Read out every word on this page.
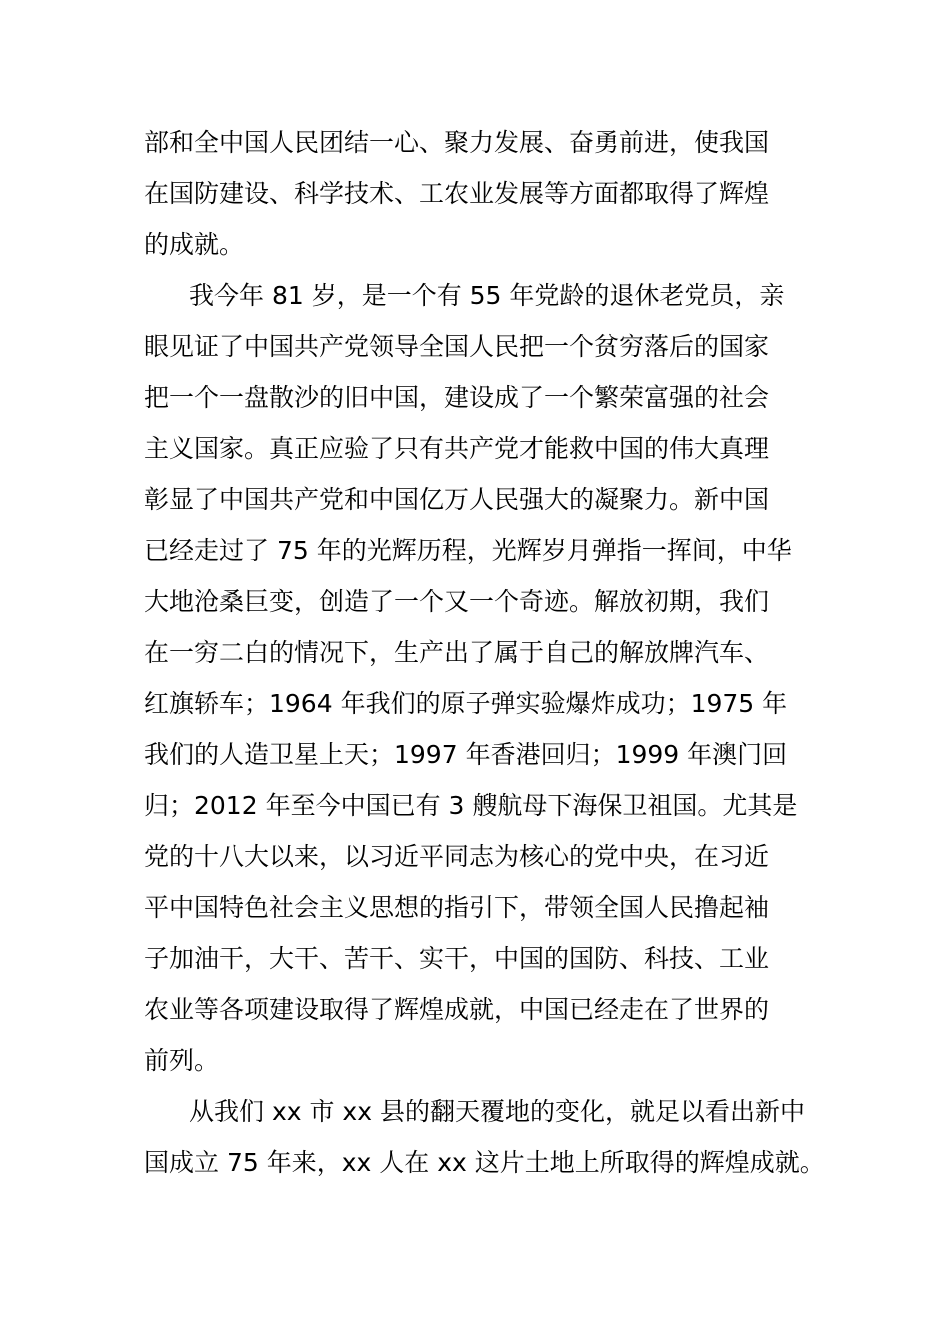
部和全中国人民团结一心、聚力发展、奋勇前进，使我国
在国防建设、科学技术、工农业发展等方面都取得了辉煌
的成就。
我今年 81 岁，是一个有 55 年党龄的退休老党员，亲
眼见证了中国共产党领导全国人民把一个贫穷落后的国家
把一个一盘散沙的旧中国，建设成了一个繁荣富强的社会
主义国家。真正应验了只有共产党才能救中国的伟大真理
彰显了中国共产党和中国亿万人民强大的凝聚力。新中国
已经走过了 75 年的光辉历程，光辉岁月弹指一挥间，中华
大地沧桑巨变，创造了一个又一个奇迹。解放初期，我们
在一穷二白的情况下，生产出了属于自己的解放牌汽车、
红旗轿车；1964 年我们的原子弹实验爆炸成功；1975 年
我们的人造卫星上天；1997 年香港回归；1999 年澳门回
归；2012 年至今中国已有 3 艘航母下海保卫祖国。尤其是
党的十八大以来，以习近平同志为核心的党中央，在习近
平中国特色社会主义思想的指引下，带领全国人民撸起袖
子加油干，大干、苦干、实干，中国的国防、科技、工业
农业等各项建设取得了辉煌成就，中国已经走在了世界的
前列。
从我们 xx 市 xx 县的翻天覆地的变化，就足以看出新中
国成立 75 年来，xx 人在 xx 这片土地上所取得的辉煌成就。
